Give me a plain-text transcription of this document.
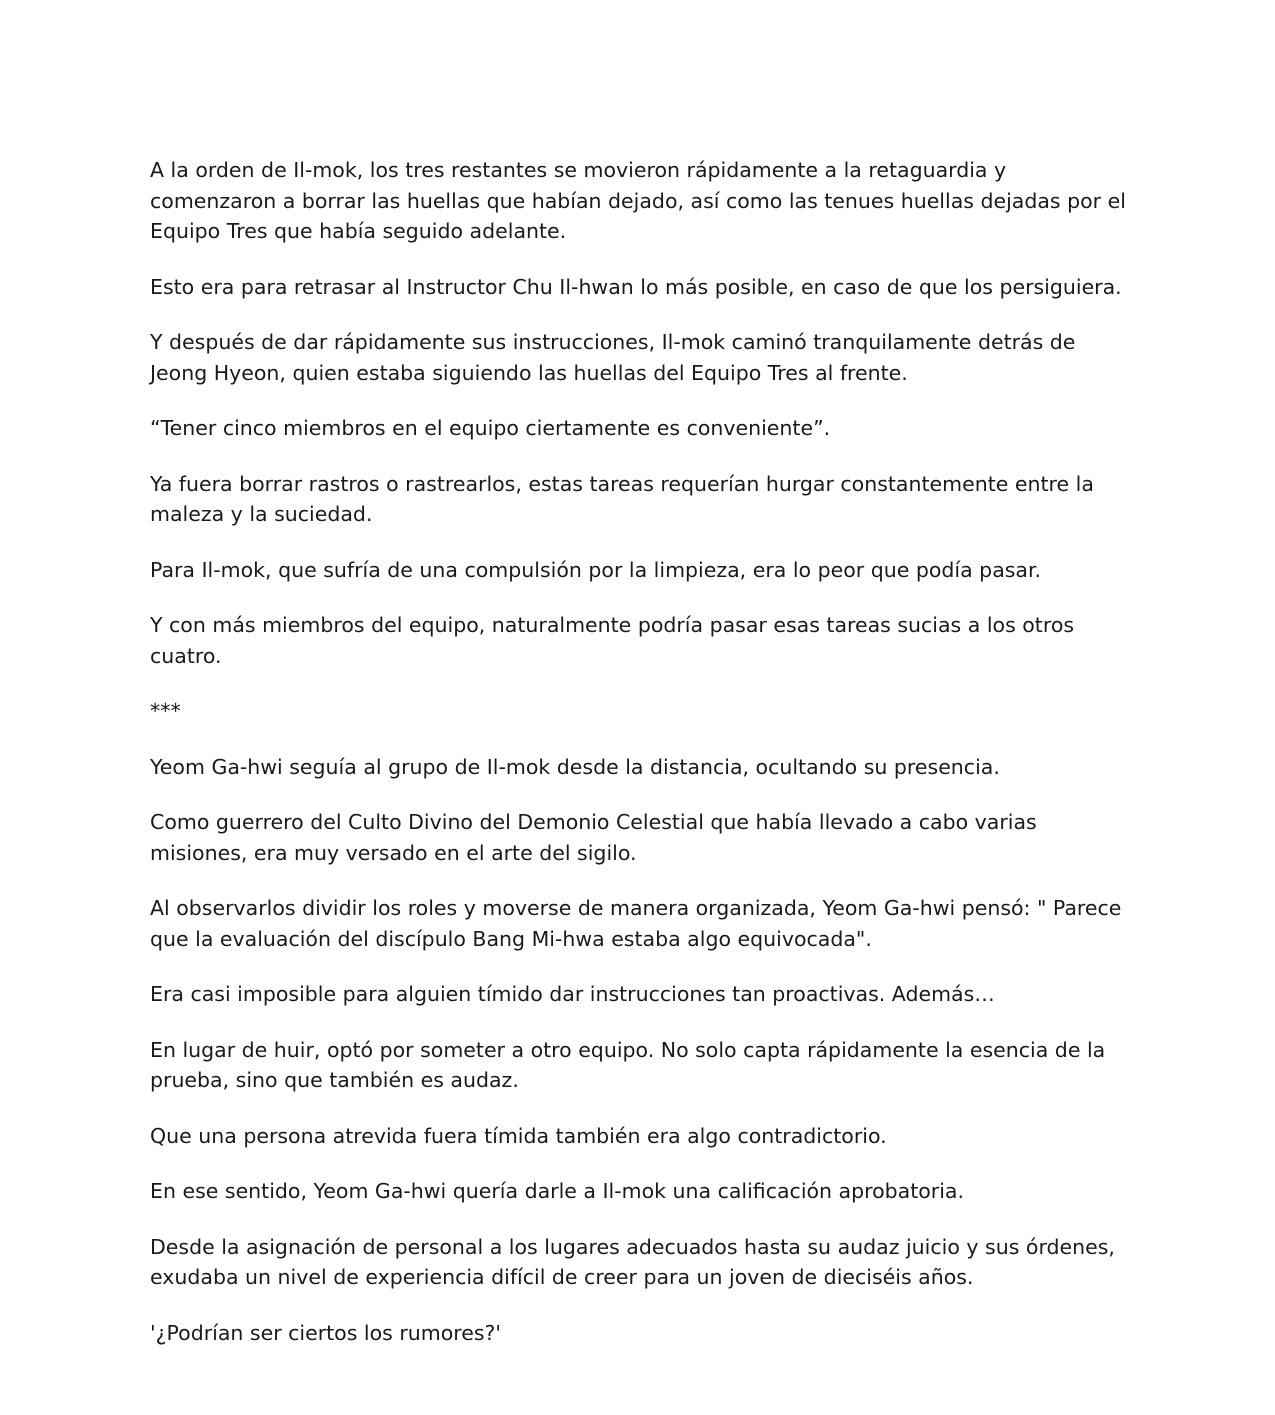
A la orden de Il-mok, los tres restantes se movieron rápidamente a la retaguardia y comenzaron a borrar las huellas que habían dejado, así como las tenues huellas dejadas por el Equipo Tres que había seguido adelante.

Esto era para retrasar al Instructor Chu Il-hwan lo más posible, en caso de que los persiguiera.

Y después de dar rápidamente sus instrucciones, Il-mok caminó tranquilamente detrás de Jeong Hyeon, quien estaba siguiendo las huellas del Equipo Tres al frente.

“Tener cinco miembros en el equipo ciertamente es conveniente”.

Ya fuera borrar rastros o rastrearlos, estas tareas requerían hurgar constantemente entre la maleza y la suciedad.

Para Il-mok, que sufría de una compulsión por la limpieza, era lo peor que podía pasar.

Y con más miembros del equipo, naturalmente podría pasar esas tareas sucias a los otros cuatro.

***

Yeom Ga-hwi seguía al grupo de Il-mok desde la distancia, ocultando su presencia.

Como guerrero del Culto Divino del Demonio Celestial que había llevado a cabo varias misiones, era muy versado en el arte del sigilo.

Al observarlos dividir los roles y moverse de manera organizada, Yeom Ga-hwi pensó: " Parece que la evaluación del discípulo Bang Mi-hwa estaba algo equivocada".

Era casi imposible para alguien tímido dar instrucciones tan proactivas. Además…

En lugar de huir, optó por someter a otro equipo. No solo capta rápidamente la esencia de la prueba, sino que también es audaz.

Que una persona atrevida fuera tímida también era algo contradictorio.

En ese sentido, Yeom Ga-hwi quería darle a Il-mok una calificación aprobatoria.

Desde la asignación de personal a los lugares adecuados hasta su audaz juicio y sus órdenes, exudaba un nivel de experiencia difícil de creer para un joven de dieciséis años.

'¿Podrían ser ciertos los rumores?'
